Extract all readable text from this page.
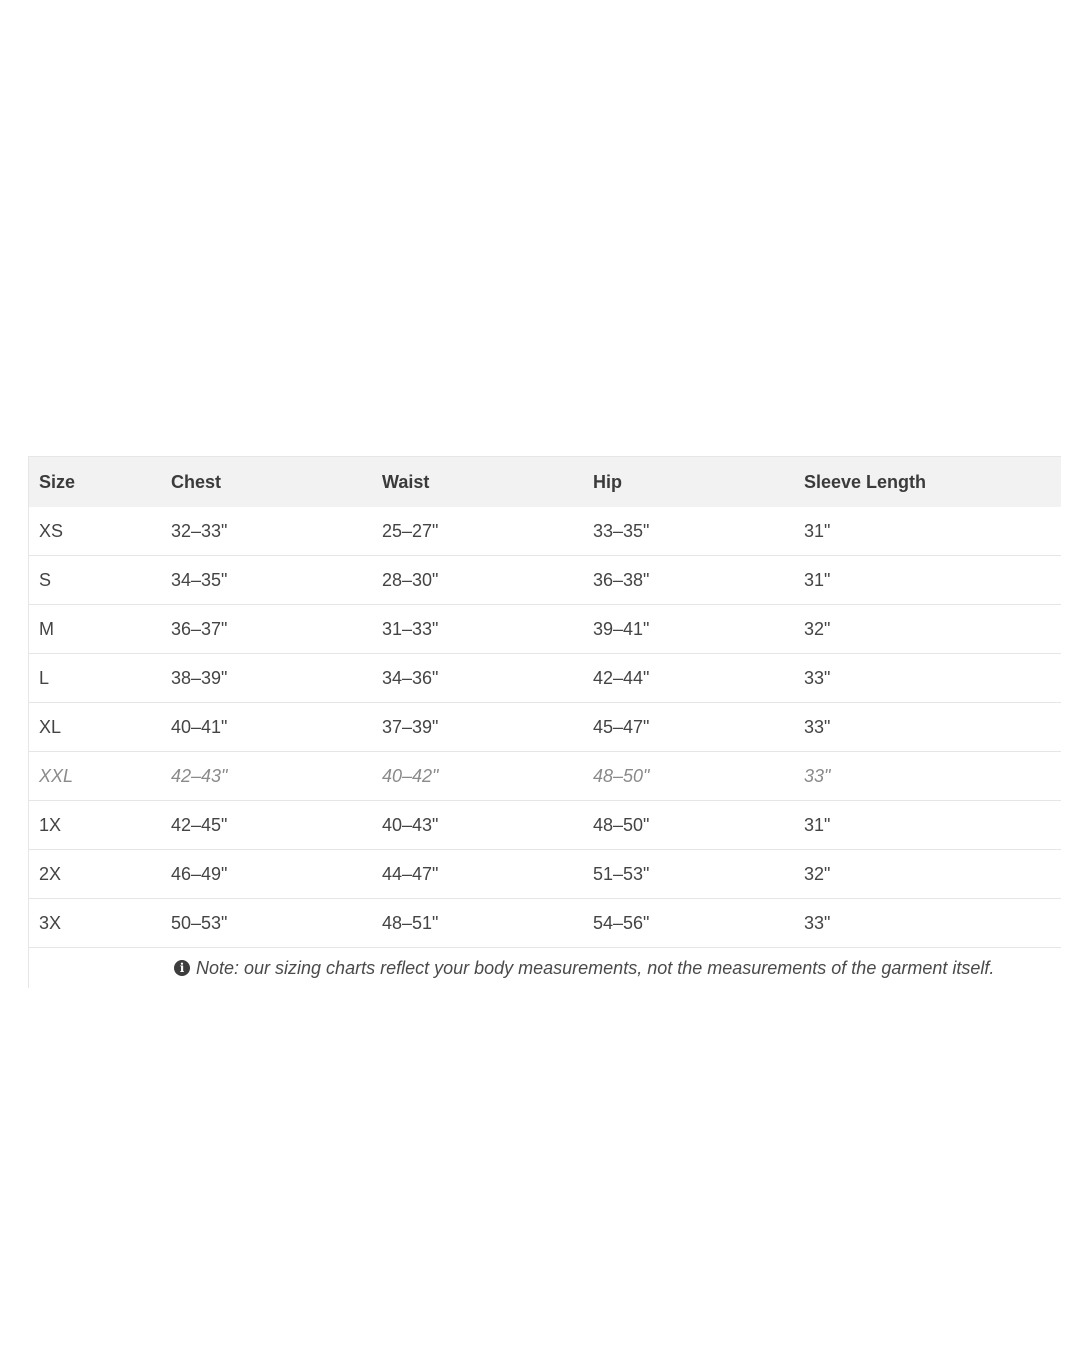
Size	Chest	Waist	Hip	Sleeve Length
XS	32–33"	25–27"	33–35"	31"
S	34–35"	28–30"	36–38"	31"
M	36–37"	31–33"	39–41"	32"
L	38–39"	34–36"	42–44"	33"
XL	40–41"	37–39"	45–47"	33"
XXL	42–43"	40–42"	48–50"	33"
1X	42–45"	40–43"	48–50"	31"
2X	46–49"	44–47"	51–53"	32"
3X	50–53"	48–51"	54–56"	33"
i Note: our sizing charts reflect your body measurements, not the measurements of the garment itself.
